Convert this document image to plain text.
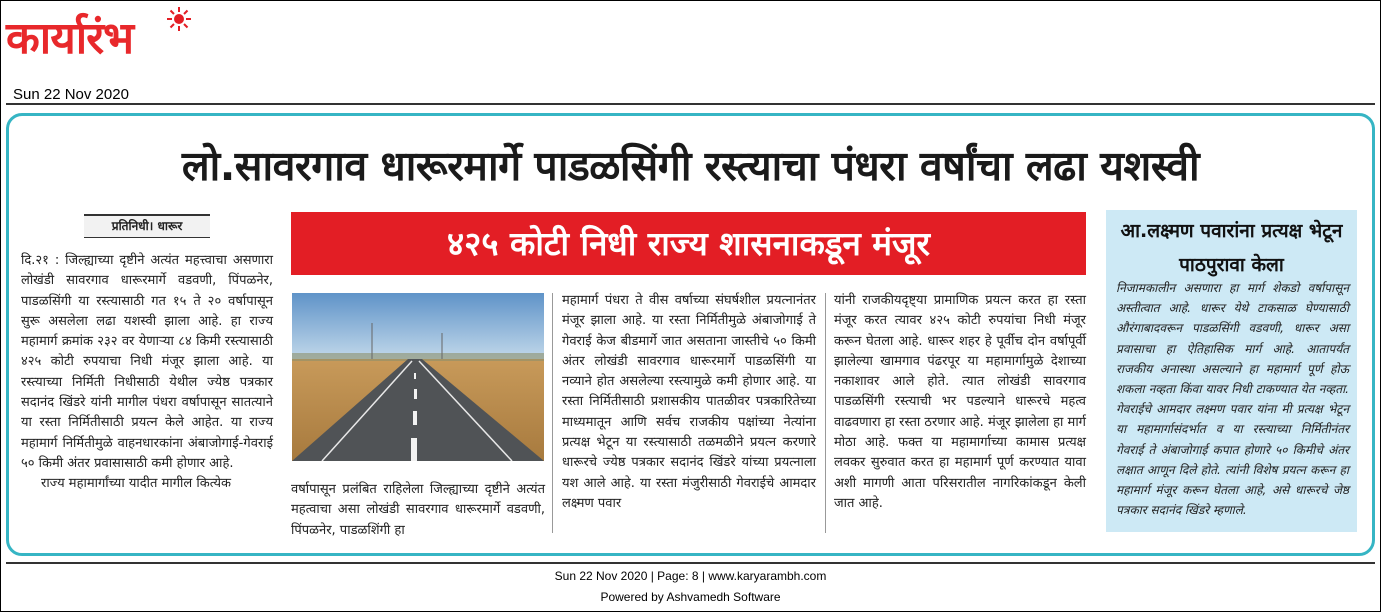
कार्यारंभ
Sun 22 Nov 2020
लो.सावरगाव धारूरमार्गे पाडळसिंगी रस्त्याचा पंधरा वर्षांचा लढा यशस्वी
प्रतिनिधी। धारूर

दि.२१ : जिल्ह्याच्या दृष्टीने अत्यंत महत्त्वाचा असणारा लोखंडी सावरगाव धारूरमार्गे वडवणी, पिंपळनेर, पाडळसिंगी या रस्त्यासाठी गत १५ ते २० वर्षापासून सुरू असलेला लढा यशस्वी झाला आहे. हा राज्य महामार्ग क्रमांक २३२ वर येणाऱ्या ८४ किमी रस्त्यासाठी ४२५ कोटी रुपयाचा निधी मंजूर झाला आहे. या रस्त्याच्या निर्मिती निधीसाठी येथील ज्येष्ठ पत्रकार सदानंद खिंडरे यांनी मागील पंधरा वर्षापासून सातत्याने या रस्ता निर्मितीसाठी प्रयत्न केले आहेत. या राज्य महामार्ग निर्मितीमुळे वाहनधारकांना अंबाजोगाई-गेवराई ५० किमी अंतर प्रवासासाठी कमी होणार आहे.

राज्य महामार्गांच्या यादीत मागील कित्येक

४२५ कोटी निधी राज्य शासनाकडून मंजूर

वर्षापासून प्रलंबित राहिलेला जिल्ह्याच्या दृष्टीने अत्यंत महत्वाचा असा लोखंडी सावरगाव धारूरमार्गे वडवणी, पिंपळनेर, पाडळशिंगी हा

महामार्ग पंधरा ते वीस वर्षाच्या संघर्षशील प्रयत्नानंतर मंजूर झाला आहे. या रस्ता निर्मितीमुळे अंबाजोगाई ते गेवराई केज बीडमार्गे जात असताना जास्तीचे ५० किमी अंतर लोखंडी सावरगाव धारूरमार्गे पाडळसिंगी या नव्याने होत असलेल्या रस्त्यामुळे कमी होणार आहे. या रस्ता निर्मितीसाठी प्रशासकीय पातळीवर पत्रकारितेच्या माध्यमातून आणि सर्वच राजकीय पक्षांच्या नेत्यांना प्रत्यक्ष भेटून या रस्त्यासाठी तळमळीने प्रयत्न करणारे धारूरचे ज्येष्ठ पत्रकार सदानंद खिंडरे यांच्या प्रयत्नाला यश आले आहे. या रस्ता मंजुरीसाठी गेवराईचे आमदार लक्ष्मण पवार

यांनी राजकीयदृष्ट्या प्रामाणिक प्रयत्न करत हा रस्ता मंजूर करत त्यावर ४२५ कोटी रुपयांचा निधी मंजूर करून घेतला आहे. धारूर शहर हे पूर्वीच दोन वर्षापूर्वी झालेल्या खामगाव पंढरपूर या महामार्गामुळे देशाच्या नकाशावर आले होते. त्यात लोखंडी सावरगाव पाडळसिंगी रस्त्याची भर पडल्याने धारूरचे महत्व वाढवणारा हा रस्ता ठरणार आहे. मंजूर झालेला हा मार्ग मोठा आहे. फक्त या महामार्गाच्या कामास प्रत्यक्ष लवकर सुरुवात करत हा महामार्ग पूर्ण करण्यात यावा अशी मागणी आता परिसरातील नागरिकांकडून केली जात आहे.

आ.लक्ष्मण पवारांना प्रत्यक्ष भेटून पाठपुरावा केला
निजामकालीन असणारा हा मार्ग शेकडो वर्षापासून अस्तीत्वात आहे. धारूर येथे टाकसाळ घेण्यासाठी औरंगाबादवरून पाडळसिंगी वडवणी, धारूर असा प्रवासाचा हा ऐतिहासिक मार्ग आहे. आतापर्यंत राजकीय अनास्था असल्याने हा महामार्ग पूर्ण होऊ शकला नव्हता किंवा यावर निधी टाकण्यात येत नव्हता. गेवराईचे आमदार लक्ष्मण पवार यांना मी प्रत्यक्ष भेटून या महामार्गासंदर्भात व या रस्त्याच्या निर्मितीनंतर गेवराई ते अंबाजोगाई कपात होणारे ५० किमीचे अंतर लक्षात आणून दिले होते. त्यांनी विशेष प्रयत्न करून हा महामार्ग मंजूर करून घेतला आहे, असे धारूरचे जेष्ठ पत्रकार सदानंद खिंडरे म्हणाले.
Sun 22 Nov 2020 | Page: 8 | www.karyarambh.com
Powered by Ashvamedh Software
